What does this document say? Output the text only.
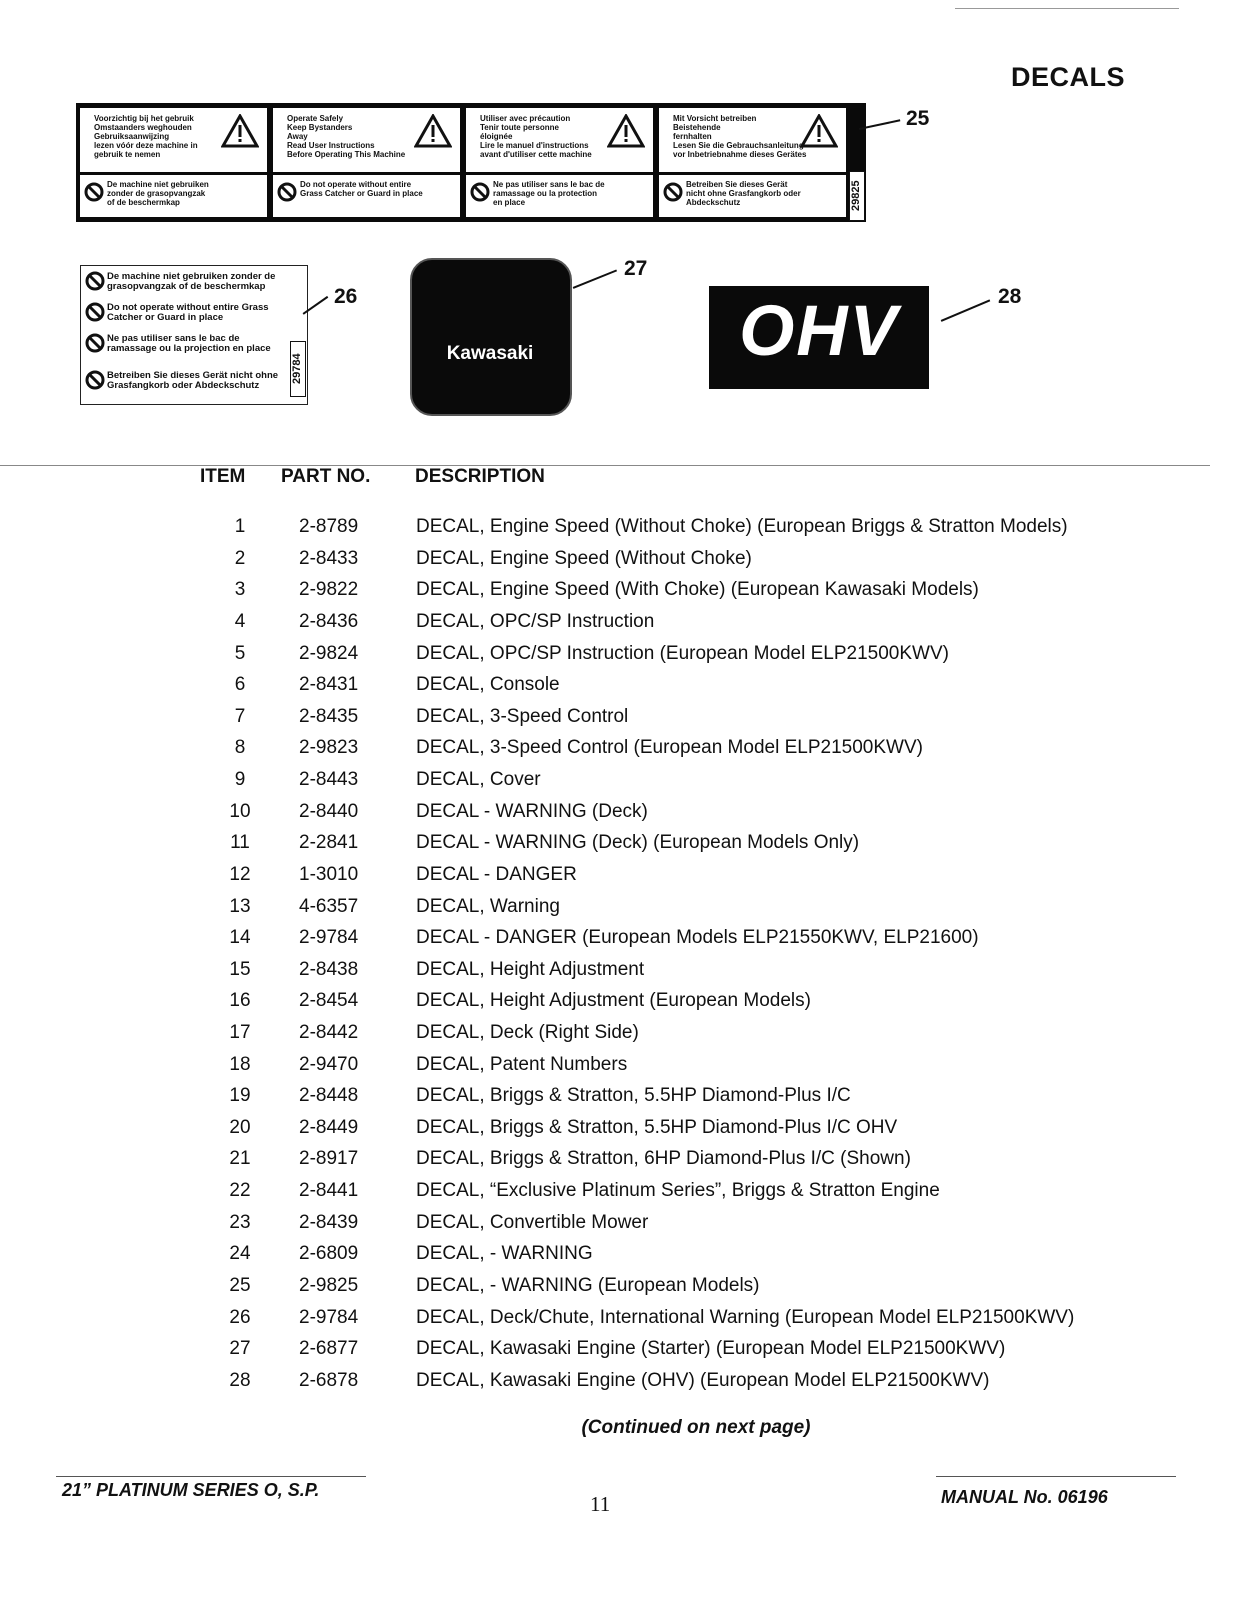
DECALS

Voorzichtig bij het gebruik

Omstaanders weghouden

Gebruiksaanwijzing

lezen vóór deze machine in

gebruik te nemen

De machine niet gebruiken

zonder de grasopvangzak

of de beschermkap

Operate Safely

Keep Bystanders

Away

Read User Instructions

Before Operating This Machine

Do not operate without entire

Grass Catcher or Guard in place

Utiliser avec précaution

Tenir toute personne

éloignée

Lire le manuel d'instructions

avant d'utiliser cette machine

Ne pas utiliser sans le bac de

ramassage ou la protection

en place

Mit Vorsicht betreiben

Beistehende

fernhalten

Lesen Sie die Gebrauchsanleitung

vor Inbetriebnahme dieses Gerätes

Betreiben Sie dieses Gerät

nicht ohne Grasfangkorb oder

Abdeckschutz	29825
25
De machine niet gebruiken zonder de grasopvangzak of de beschermkap
Do not operate without entire Grass Catcher or Guard in place
Ne pas utiliser sans le bac de ramassage ou la projection en place
Betreiben Sie dieses Gerät nicht ohne Grasfangkorb oder Abdeckschutz
29784
26
Kawasaki
27
OHV	28
ITEM PART NO. DESCRIPTION
1	2-8789	DECAL, Engine Speed (Without Choke) (European Briggs & Stratton Models)
2	2-8433	DECAL, Engine Speed (Without Choke)
3	2-9822	DECAL, Engine Speed (With Choke) (European Kawasaki Models)
4	2-8436	DECAL, OPC/SP Instruction
5	2-9824	DECAL, OPC/SP Instruction (European Model ELP21500KWV)
6	2-8431	DECAL, Console
7	2-8435	DECAL, 3-Speed Control
8	2-9823	DECAL, 3-Speed Control (European Model ELP21500KWV)
9	2-8443	DECAL, Cover
10	2-8440	DECAL - WARNING (Deck)
11	2-2841	DECAL - WARNING (Deck) (European Models Only)
12	1-3010	DECAL - DANGER
13	4-6357	DECAL, Warning
14	2-9784	DECAL - DANGER (European Models ELP21550KWV, ELP21600)
15	2-8438	DECAL, Height Adjustment
16	2-8454	DECAL, Height Adjustment (European Models)
17	2-8442	DECAL, Deck (Right Side)
18	2-9470	DECAL, Patent Numbers
19	2-8448	DECAL, Briggs & Stratton, 5.5HP Diamond-Plus I/C
20	2-8449	DECAL, Briggs & Stratton, 5.5HP Diamond-Plus I/C OHV
21	2-8917	DECAL, Briggs & Stratton, 6HP Diamond-Plus I/C (Shown)
22	2-8441	DECAL, “Exclusive Platinum Series”, Briggs & Stratton Engine
23	2-8439	DECAL, Convertible Mower
24	2-6809	DECAL, - WARNING
25	2-9825	DECAL, - WARNING (European Models)
26	2-9784	DECAL, Deck/Chute, International Warning (European Model ELP21500KWV)
27	2-6877	DECAL, Kawasaki Engine (Starter) (European Model ELP21500KWV)
28	2-6878	DECAL, Kawasaki Engine (OHV) (European Model ELP21500KWV)
(Continued on next page)
21” PLATINUM SERIES O, S.P.
11	MANUAL No. 06196
